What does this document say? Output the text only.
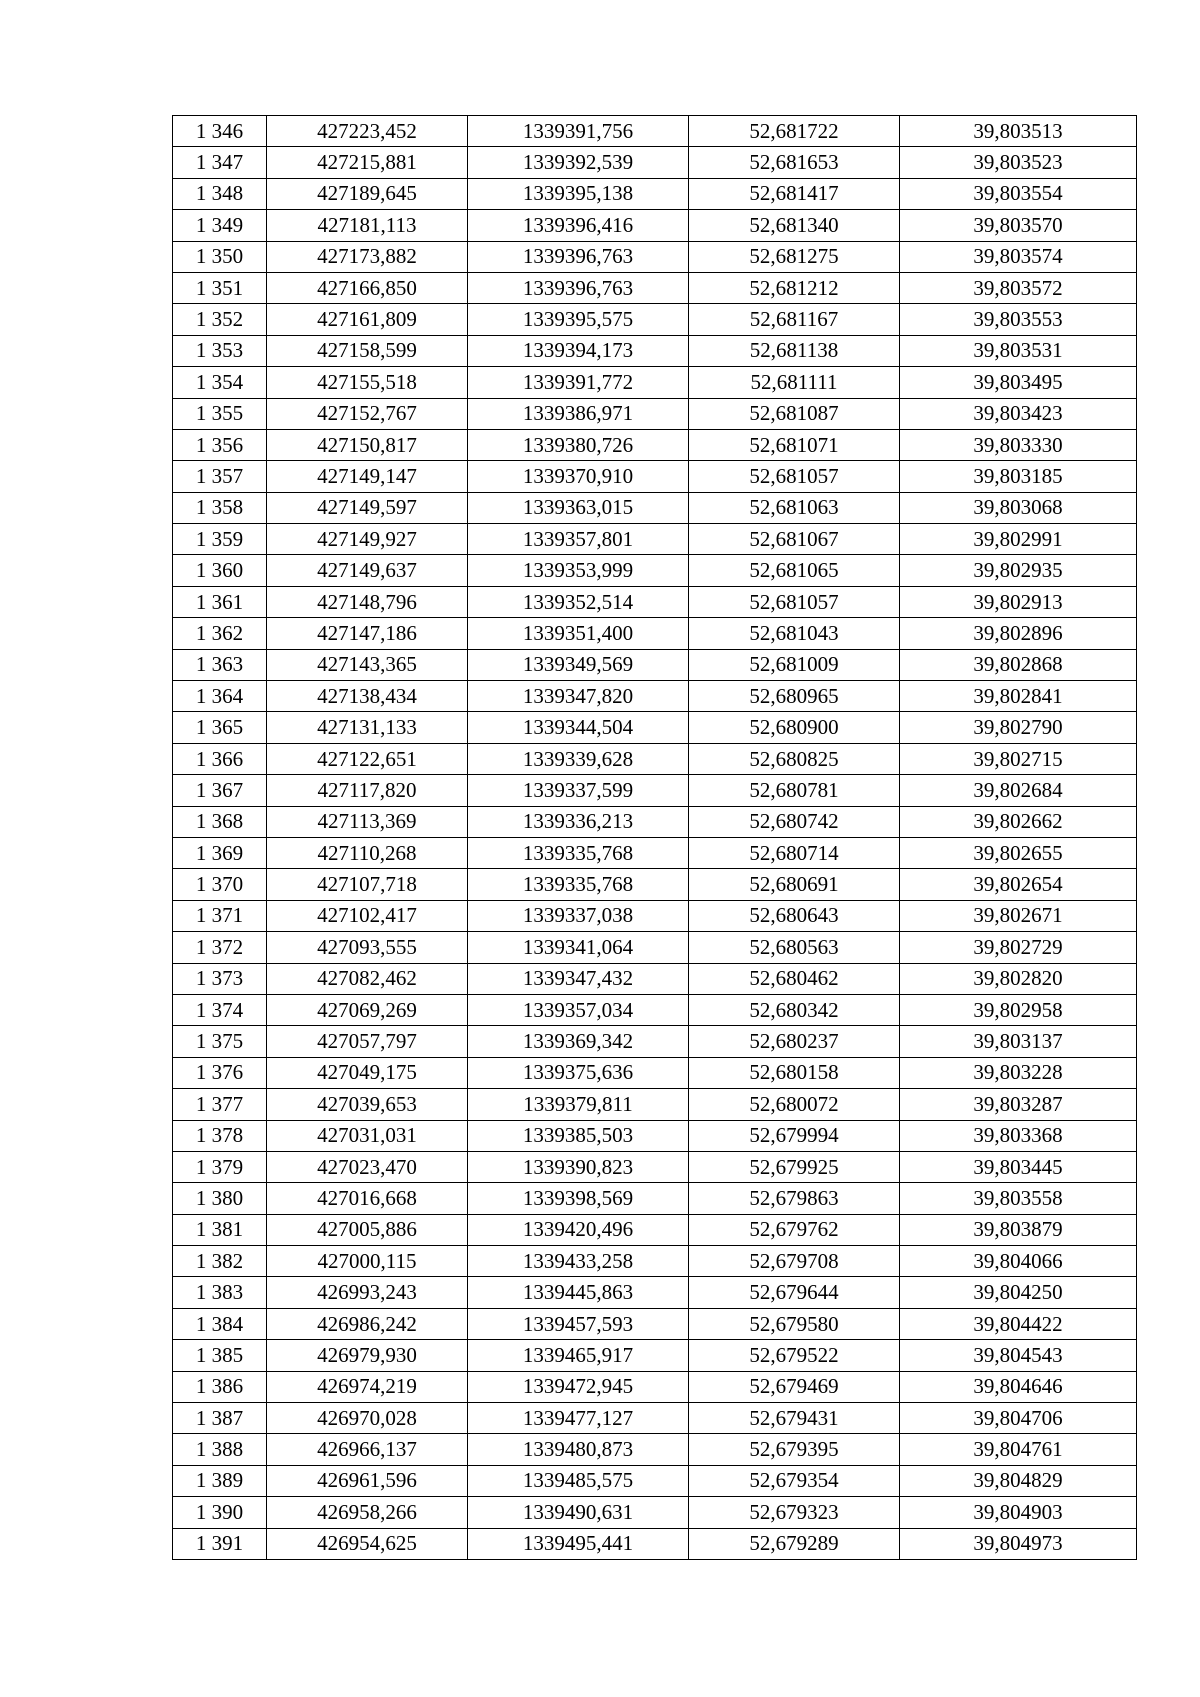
1 346	427223,452	1339391,756	52,681722	39,803513
1 347	427215,881	1339392,539	52,681653	39,803523
1 348	427189,645	1339395,138	52,681417	39,803554
1 349	427181,113	1339396,416	52,681340	39,803570
1 350	427173,882	1339396,763	52,681275	39,803574
1 351	427166,850	1339396,763	52,681212	39,803572
1 352	427161,809	1339395,575	52,681167	39,803553
1 353	427158,599	1339394,173	52,681138	39,803531
1 354	427155,518	1339391,772	52,681111	39,803495
1 355	427152,767	1339386,971	52,681087	39,803423
1 356	427150,817	1339380,726	52,681071	39,803330
1 357	427149,147	1339370,910	52,681057	39,803185
1 358	427149,597	1339363,015	52,681063	39,803068
1 359	427149,927	1339357,801	52,681067	39,802991
1 360	427149,637	1339353,999	52,681065	39,802935
1 361	427148,796	1339352,514	52,681057	39,802913
1 362	427147,186	1339351,400	52,681043	39,802896
1 363	427143,365	1339349,569	52,681009	39,802868
1 364	427138,434	1339347,820	52,680965	39,802841
1 365	427131,133	1339344,504	52,680900	39,802790
1 366	427122,651	1339339,628	52,680825	39,802715
1 367	427117,820	1339337,599	52,680781	39,802684
1 368	427113,369	1339336,213	52,680742	39,802662
1 369	427110,268	1339335,768	52,680714	39,802655
1 370	427107,718	1339335,768	52,680691	39,802654
1 371	427102,417	1339337,038	52,680643	39,802671
1 372	427093,555	1339341,064	52,680563	39,802729
1 373	427082,462	1339347,432	52,680462	39,802820
1 374	427069,269	1339357,034	52,680342	39,802958
1 375	427057,797	1339369,342	52,680237	39,803137
1 376	427049,175	1339375,636	52,680158	39,803228
1 377	427039,653	1339379,811	52,680072	39,803287
1 378	427031,031	1339385,503	52,679994	39,803368
1 379	427023,470	1339390,823	52,679925	39,803445
1 380	427016,668	1339398,569	52,679863	39,803558
1 381	427005,886	1339420,496	52,679762	39,803879
1 382	427000,115	1339433,258	52,679708	39,804066
1 383	426993,243	1339445,863	52,679644	39,804250
1 384	426986,242	1339457,593	52,679580	39,804422
1 385	426979,930	1339465,917	52,679522	39,804543
1 386	426974,219	1339472,945	52,679469	39,804646
1 387	426970,028	1339477,127	52,679431	39,804706
1 388	426966,137	1339480,873	52,679395	39,804761
1 389	426961,596	1339485,575	52,679354	39,804829
1 390	426958,266	1339490,631	52,679323	39,804903
1 391	426954,625	1339495,441	52,679289	39,804973
